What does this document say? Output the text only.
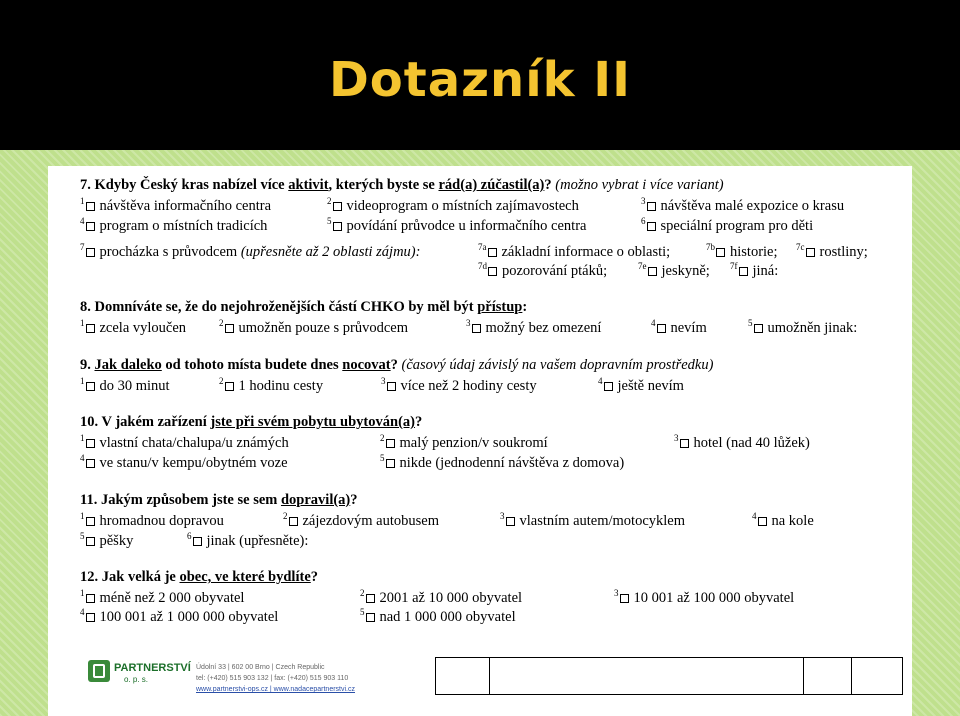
Dotazník II
7. Kdyby Český kras nabízel více aktivit, kterých byste se rád(a) zúčastil(a)? (možno vybrat i více variant)
$^1$ návštěva informačního centra	$^2$ videoprogram o místních zajímavostech	$^3$ návštěva malé expozice o krasu
$^4$ program o místních tradicích	$^5$ povídání průvodce u informačního centra	$^6$ speciální program pro děti
$^7$ procházka s průvodcem (upřesněte až 2 oblasti zájmu):	$^{7a}$ základní informace o oblasti;	$^{7b}$ historie; $^{7c}$ rostliny;
$^{7d}$ pozorování ptáků;	$^{7e}$ jeskyně; $^{7f}$ jiná:
8. Domníváte se, že do nejohroženějších částí CHKO by měl být přístup:
$^1$ zcela vyloučen	$^2$ umožněn pouze s průvodcem	$^3$ možný bez omezení	$^4$ nevím	$^5$ umožněn jinak:
9. Jak daleko od tohoto místa budete dnes nocovat? (časový údaj závislý na vašem dopravním prostředku)
$^1$ do 30 minut	$^2$ 1 hodinu cesty	$^3$ více než 2 hodiny cesty	$^4$ ještě nevím
10. V jakém zařízení jste při svém pobytu ubytován(a)?
$^1$ vlastní chata/chalupa/u známých	$^2$ malý penzion/v soukromí	$^3$ hotel (nad 40 lůžek)
$^4$ ve stanu/v kempu/obytném voze	$^5$ nikde (jednodenní návštěva z domova)
11. Jakým způsobem jste se sem dopravil(a)?
$^1$ hromadnou dopravou	$^2$ zájezdovým autobusem	$^3$ vlastním autem/motocyklem	$^4$ na kole
$^5$ pěšky	$^6$ jinak (upřesněte):
12. Jak velká je obec, ve které bydlíte?
$^1$ méně než 2 000 obyvatel	$^2$ 2001 až 10 000 obyvatel	$^3$ 10 001 až 100 000 obyvatel
$^4$ 100 001 až 1 000 000 obyvatel	$^5$ nad 1 000 000 obyvatel
PARTNERSTVÍ
o. p. s.
Údolní 33 | 602 00 Brno | Czech Republic
tel: (+420) 515 903 132 | fax: (+420) 515 903 110
www.partnerstvi-ops.cz | www.nadacepartnerstvi.cz
